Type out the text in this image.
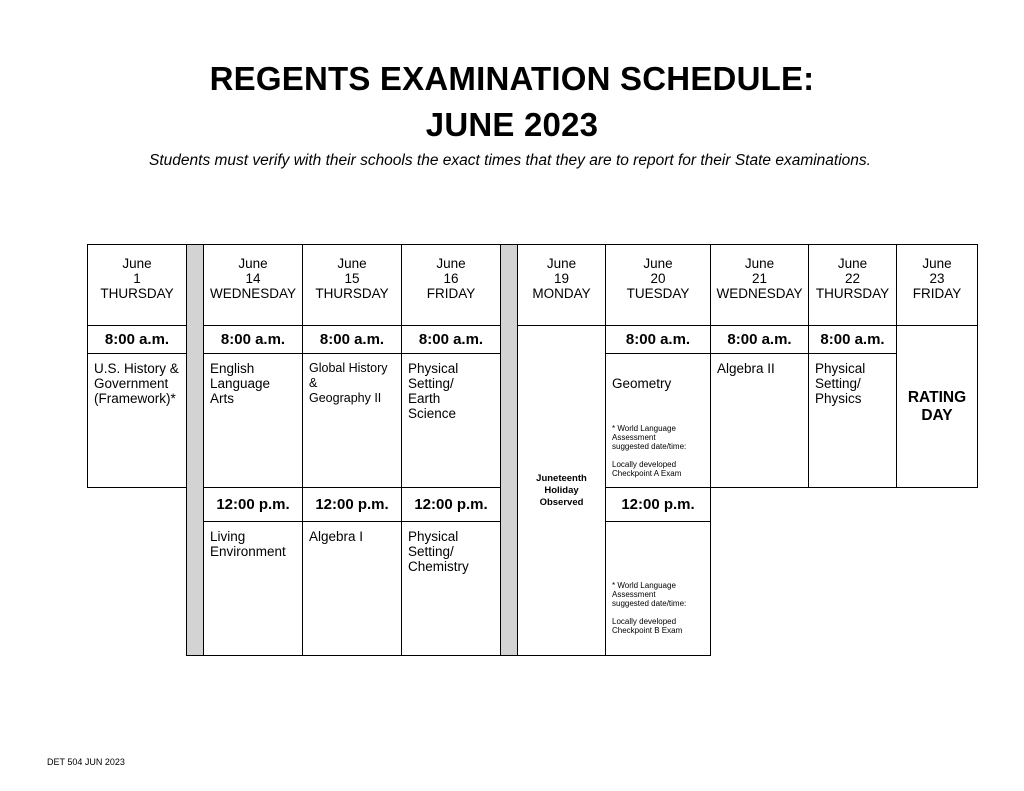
REGENTS EXAMINATION SCHEDULE:
JUNE 2023
Students must verify with their schools the exact times that they are to report for their State examinations.
June
1
THURSDAY
8:00 a.m.
U.S. History &
Government
(Framework)*
June
14
WEDNESDAY
8:00 a.m.
English
Language
Arts
12:00 p.m.
Living
Environment
June
15
THURSDAY
8:00 a.m.
Global History &
Geography II
12:00 p.m.
Algebra I
June
16
FRIDAY
8:00 a.m.
Physical
Setting/
Earth
Science
12:00 p.m.
Physical
Setting/
Chemistry
June
19
MONDAY
Juneteenth
Holiday
Observed
June
20
TUESDAY
8:00 a.m.

Geometry

* World Language
Assessment
suggested date/time:

Locally developed
Checkpoint A Exam

12:00 p.m.

* World Language
Assessment
suggested date/time:

Locally developed
Checkpoint B Exam

June
21
WEDNESDAY
8:00 a.m.
Algebra II
June
22
THURSDAY
8:00 a.m.
Physical
Setting/
Physics
June
23
FRIDAY
RATING
DAY
DET 504 JUN 2023
